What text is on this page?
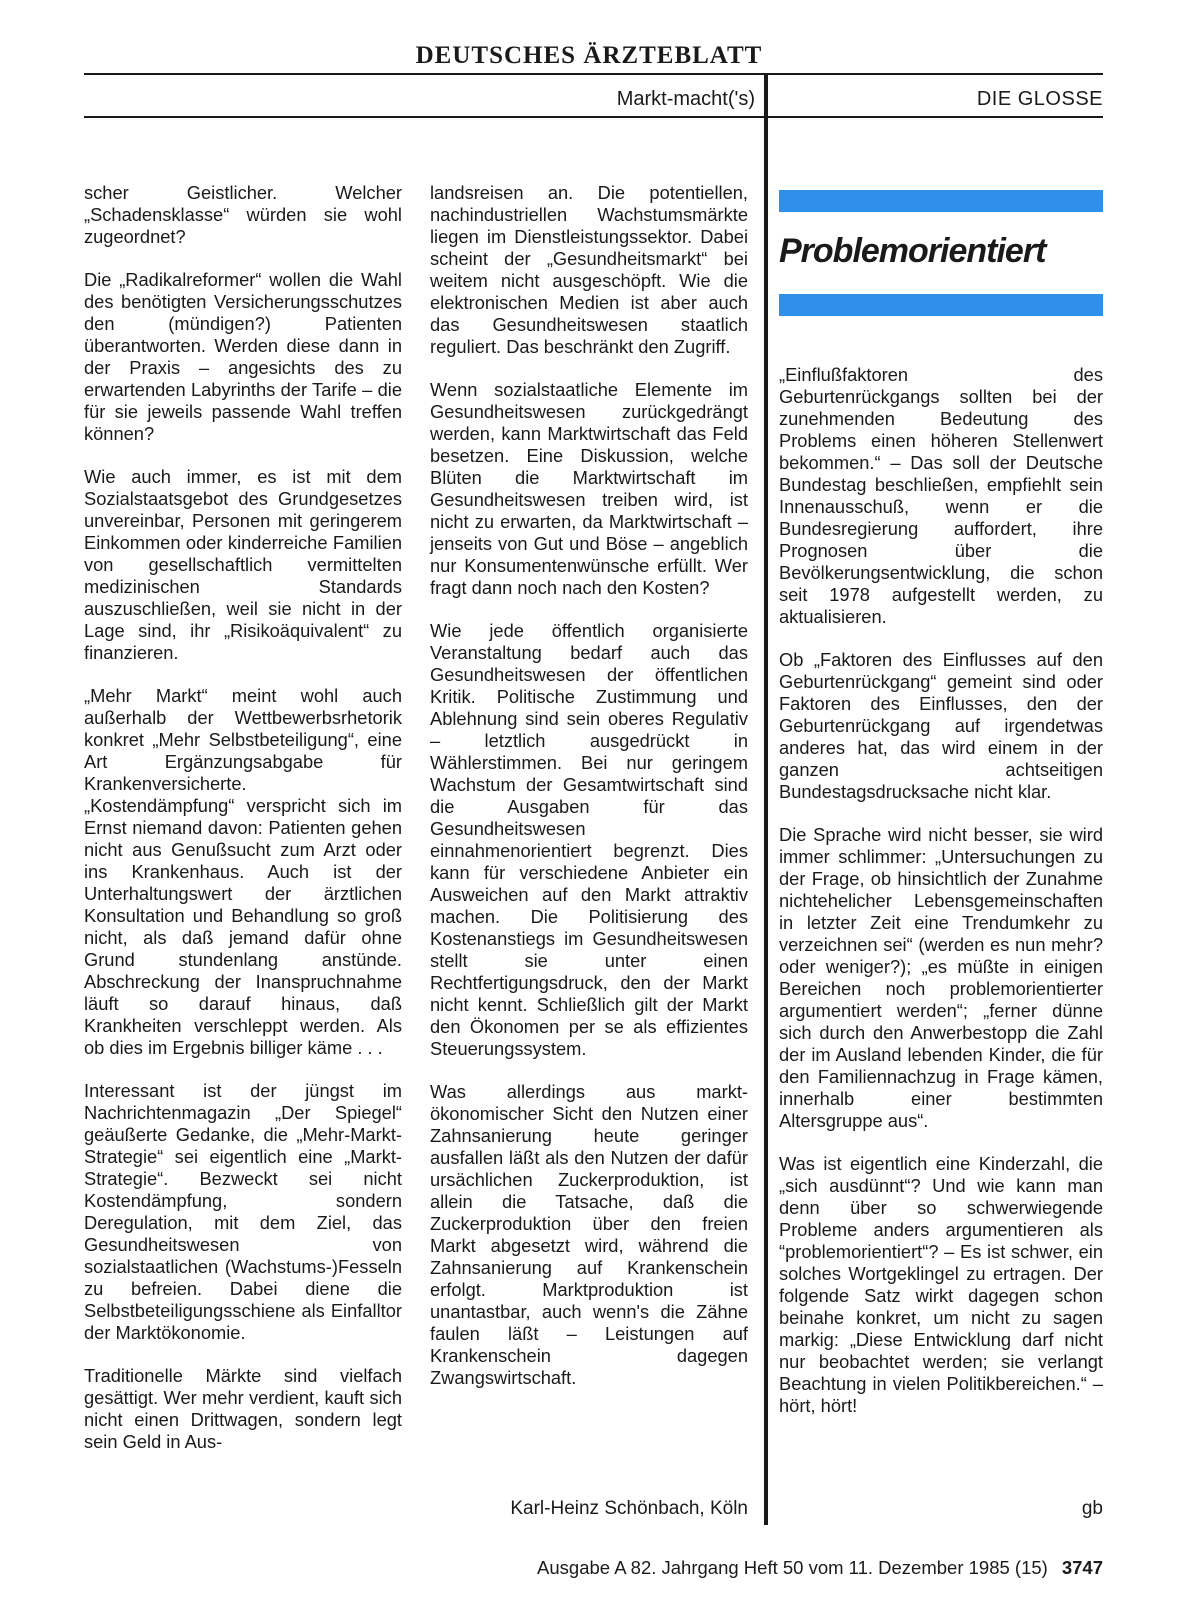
DEUTSCHES ÄRZTEBLATT
Markt-macht('s)	DIE GLOSSE

scher Geistlicher. Welcher „Schadensklasse“ würden sie wohl zugeordnet?

Die „Radikalreformer“ wollen die Wahl des benötigten Versicherungsschutzes den (mündigen?) Patienten überantworten. Werden diese dann in der Praxis – angesichts des zu erwartenden Labyrinths der Tarife – die für sie jeweils passende Wahl treffen können?

Wie auch immer, es ist mit dem Sozialstaatsgebot des Grundgesetzes unvereinbar, Personen mit geringerem Einkommen oder kinderreiche Familien von gesellschaftlich vermittelten medizinischen Standards auszuschließen, weil sie nicht in der Lage sind, ihr „Risikoäquivalent“ zu finanzieren.

„Mehr Markt“ meint wohl auch außerhalb der Wettbewerbsrhetorik konkret „Mehr Selbstbeteiligung“, eine Art Ergänzungsabgabe für Krankenversicherte. „Kostendämpfung“ verspricht sich im Ernst niemand davon: Patienten gehen nicht aus Genußsucht zum Arzt oder ins Krankenhaus. Auch ist der Unterhaltungswert der ärztlichen Konsultation und Behandlung so groß nicht, als daß jemand dafür ohne Grund stundenlang anstünde. Abschreckung der Inanspruchnahme läuft so darauf hinaus, daß Krankheiten verschleppt werden. Als ob dies im Ergebnis billiger käme . . .

Interessant ist der jüngst im Nachrichtenmagazin „Der Spiegel“ geäußerte Gedanke, die „Mehr-Markt-Strategie“ sei eigentlich eine „Markt-Strategie“. Bezweckt sei nicht Kostendämpfung, sondern Deregulation, mit dem Ziel, das Gesundheitswesen von sozialstaatlichen (Wachstums-)Fesseln zu befreien. Dabei diene die Selbstbeteiligungsschiene als Einfalltor der Marktökonomie.

Traditionelle Märkte sind vielfach gesättigt. Wer mehr verdient, kauft sich nicht einen Drittwagen, sondern legt sein Geld in Aus-

landsreisen an. Die potentiellen, nachindustriellen Wachstumsmärkte liegen im Dienstleistungssektor. Dabei scheint der „Gesundheitsmarkt“ bei weitem nicht ausgeschöpft. Wie die elektronischen Medien ist aber auch das Gesundheitswesen staatlich reguliert. Das beschränkt den Zugriff.

Wenn sozialstaatliche Elemente im Gesundheitswesen zurückgedrängt werden, kann Marktwirtschaft das Feld besetzen. Eine Diskussion, welche Blüten die Marktwirtschaft im Gesundheitswesen treiben wird, ist nicht zu erwarten, da Marktwirtschaft – jenseits von Gut und Böse – angeblich nur Konsumentenwünsche erfüllt. Wer fragt dann noch nach den Kosten?

Wie jede öffentlich organisierte Veranstaltung bedarf auch das Gesundheitswesen der öffentlichen Kritik. Politische Zustimmung und Ablehnung sind sein oberes Regulativ – letztlich ausgedrückt in Wählerstimmen. Bei nur geringem Wachstum der Gesamtwirtschaft sind die Ausgaben für das Gesundheitswesen einnahmenorientiert begrenzt. Dies kann für verschiedene Anbieter ein Ausweichen auf den Markt attraktiv machen. Die Politisierung des Kostenanstiegs im Gesundheitswesen stellt sie unter einen Rechtfertigungsdruck, den der Markt nicht kennt. Schließlich gilt der Markt den Ökonomen per se als effizientes Steuerungssystem.

Was allerdings aus markt-ökonomischer Sicht den Nutzen einer Zahnsanierung heute geringer ausfallen läßt als den Nutzen der dafür ursächlichen Zuckerproduktion, ist allein die Tatsache, daß die Zuckerproduktion über den freien Markt abgesetzt wird, während die Zahnsanierung auf Krankenschein erfolgt. Marktproduktion ist unantastbar, auch wenn's die Zähne faulen läßt – Leistungen auf Krankenschein dagegen Zwangswirtschaft.

Karl-Heinz Schönbach, Köln
Problemorientiert

„Einflußfaktoren des Geburtenrückgangs sollten bei der zunehmenden Bedeutung des Problems einen höheren Stellenwert bekommen.“ – Das soll der Deutsche Bundestag beschließen, empfiehlt sein Innenausschuß, wenn er die Bundesregierung auffordert, ihre Prognosen über die Bevölkerungsentwicklung, die schon seit 1978 aufgestellt werden, zu aktualisieren.

Ob „Faktoren des Einflusses auf den Geburtenrückgang“ gemeint sind oder Faktoren des Einflusses, den der Geburtenrückgang auf irgendetwas anderes hat, das wird einem in der ganzen achtseitigen Bundestagsdrucksache nicht klar.

Die Sprache wird nicht besser, sie wird immer schlimmer: „Untersuchungen zu der Frage, ob hinsichtlich der Zunahme nichtehelicher Lebensgemeinschaften in letzter Zeit eine Trendumkehr zu verzeichnen sei“ (werden es nun mehr? oder weniger?); „es müßte in einigen Bereichen noch problemorientierter argumentiert werden“; „ferner dünne sich durch den Anwerbestopp die Zahl der im Ausland lebenden Kinder, die für den Familiennachzug in Frage kämen, innerhalb einer bestimmten Altersgruppe aus“.

Was ist eigentlich eine Kinderzahl, die „sich ausdünnt“? Und wie kann man denn über so schwerwiegende Probleme anders argumentieren als “problemorientiert“? – Es ist schwer, ein solches Wortgeklingel zu ertragen. Der folgende Satz wirkt dagegen schon beinahe konkret, um nicht zu sagen markig: „Diese Entwicklung darf nicht nur beobachtet werden; sie verlangt Beachtung in vielen Politikbereichen.“ – hört, hört!

gb
Ausgabe A 82. Jahrgang Heft 50 vom 11. Dezember 1985 (15) 3747
